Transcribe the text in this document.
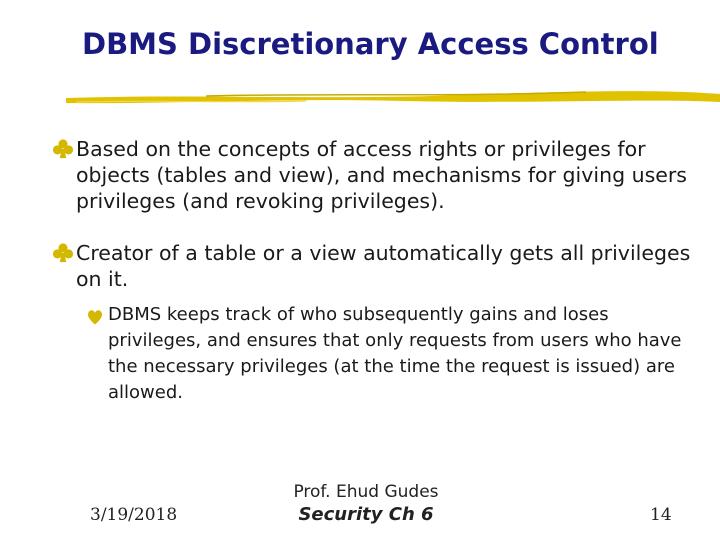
DBMS Discretionary Access Control
Based on the concepts of access rights or privileges for objects (tables and view), and mechanisms for giving users privileges (and revoking privileges).
Creator of a table or a view automatically gets all privileges on it.
DBMS keeps track of who subsequently gains and loses privileges, and ensures that only requests from users who have the necessary privileges (at the time the request is issued) are allowed.
3/19/2018
Prof. Ehud Gudes
Security Ch 6	14
